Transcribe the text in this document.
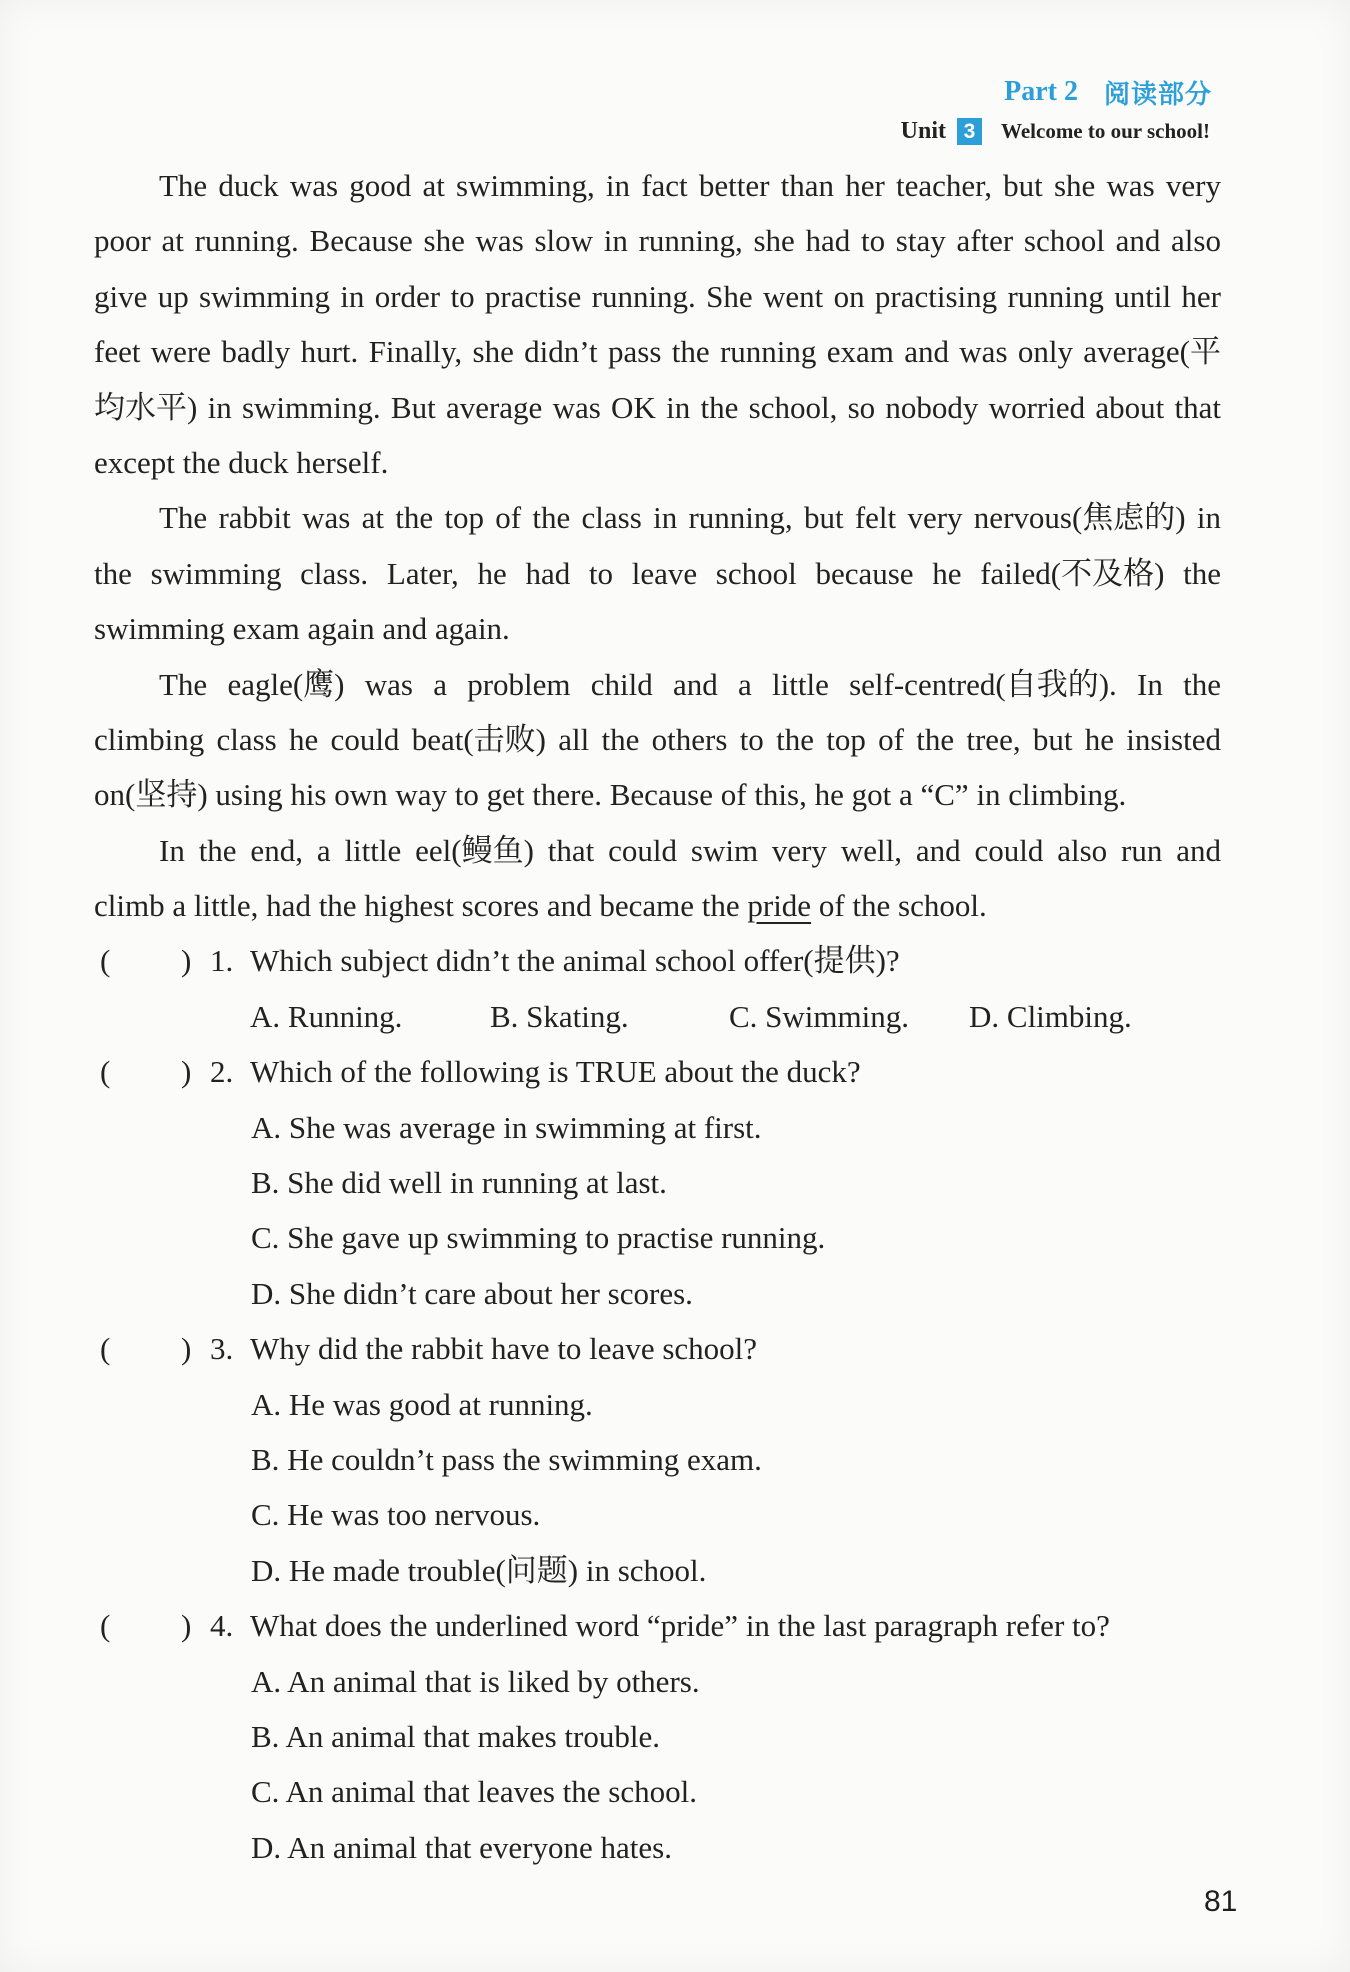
Part 2 阅读部分
Unit 3	Welcome to our school!
The duck was good at swimming, in fact better than her teacher, but she was very
poor at running. Because she was slow in running, she had to stay after school and also
give up swimming in order to practise running. She went on practising running until her
feet were badly hurt. Finally, she didn’t pass the running exam and was only average(平
均水平) in swimming. But average was OK in the school, so nobody worried about that
except the duck herself.
The rabbit was at the top of the class in running, but felt very nervous(焦虑的) in
the swimming class. Later, he had to leave school because he failed(不及格) the
swimming exam again and again.
The eagle(鹰) was a problem child and a little self-centred(自我的). In the
climbing class he could beat(击败) all the others to the top of the tree, but he insisted
on(坚持) using his own way to get there. Because of this, he got a “C” in climbing.
In the end, a little eel(鳗鱼) that could swim very well, and could also run and
climb a little, had the highest scores and became the pride of the school.
( ) 1. Which subject didn’t the animal school offer(提供)?
A. Running.	B. Skating.	C. Swimming. D. Climbing.
( ) 2. Which of the following is TRUE about the duck?
A. She was average in swimming at first.
B. She did well in running at last.
C. She gave up swimming to practise running.
D. She didn’t care about her scores.
( ) 3. Why did the rabbit have to leave school?
A. He was good at running.
B. He couldn’t pass the swimming exam.
C. He was too nervous.
D. He made trouble(问题) in school.
( ) 4. What does the underlined word “pride” in the last paragraph refer to?
A. An animal that is liked by others.
B. An animal that makes trouble.
C. An animal that leaves the school.
D. An animal that everyone hates.
81
